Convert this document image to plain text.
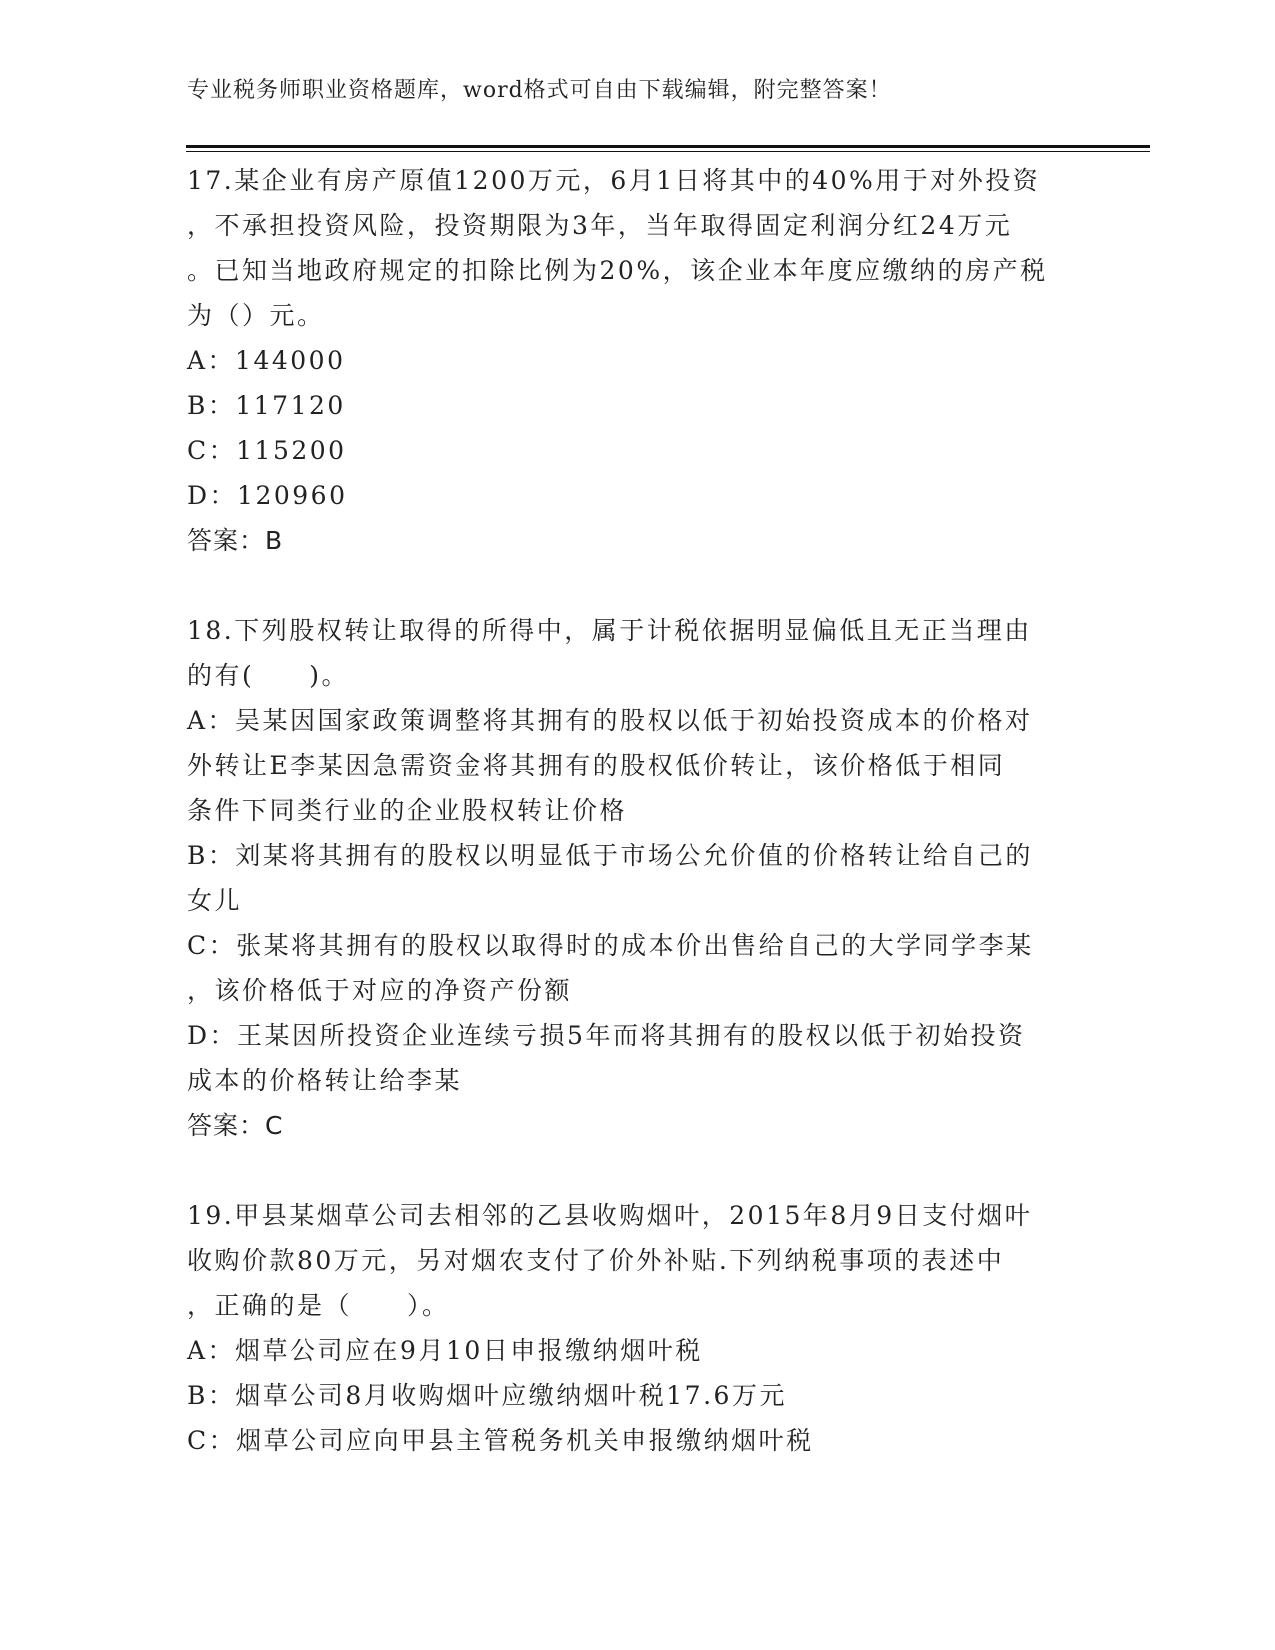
专业税务师职业资格题库，word格式可自由下载编辑，附完整答案！
17.某企业有房产原值1200万元，6月1日将其中的40%用于对外投资
，不承担投资风险，投资期限为3年，当年取得固定利润分红24万元
。已知当地政府规定的扣除比例为20%，该企业本年度应缴纳的房产税
为（）元。
A：144000
B：117120
C：115200
D：120960
答案：B
18.下列股权转让取得的所得中，属于计税依据明显偏低且无正当理由
的有(　　)。
A：吴某因国家政策调整将其拥有的股权以低于初始投资成本的价格对
外转让E李某因急需资金将其拥有的股权低价转让，该价格低于相同
条件下同类行业的企业股权转让价格
B：刘某将其拥有的股权以明显低于市场公允价值的价格转让给自己的
女儿
C：张某将其拥有的股权以取得时的成本价出售给自己的大学同学李某
，该价格低于对应的净资产份额
D：王某因所投资企业连续亏损5年而将其拥有的股权以低于初始投资
成本的价格转让给李某
答案：C
19.甲县某烟草公司去相邻的乙县收购烟叶，2015年8月9日支付烟叶
收购价款80万元，另对烟农支付了价外补贴.下列纳税事项的表述中
，正确的是（　　）。
A：烟草公司应在9月10日申报缴纳烟叶税
B：烟草公司8月收购烟叶应缴纳烟叶税17.6万元
C：烟草公司应向甲县主管税务机关申报缴纳烟叶税
